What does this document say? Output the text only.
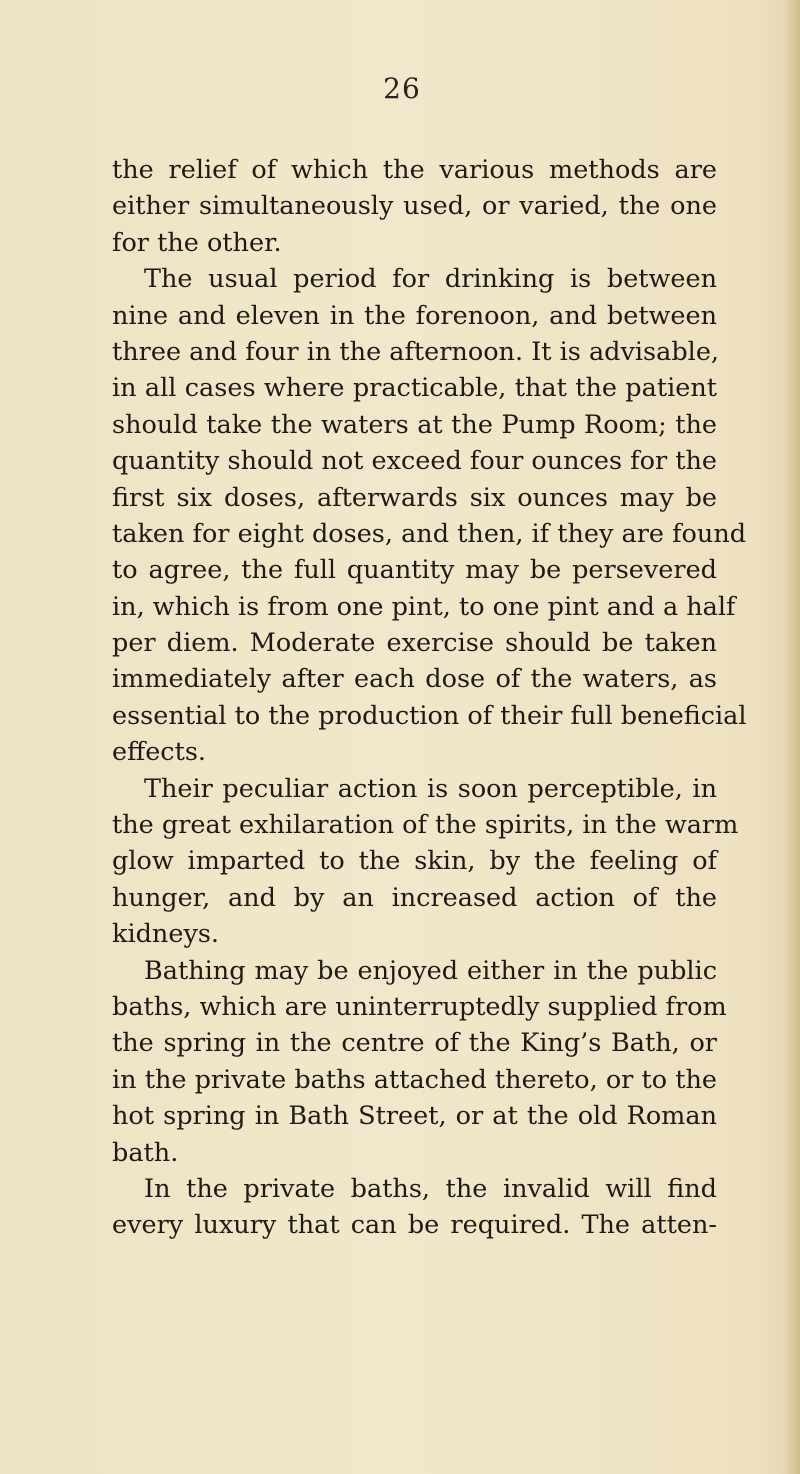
26
the relief of which the various methods are
either simultaneously used, or varied, the one
for the other.
The usual period for drinking is between
nine and eleven in the forenoon, and between
three and four in the afternoon. It is advisable,
in all cases where practicable, that the patient
should take the waters at the Pump Room; the
quantity should not exceed four ounces for the
first six doses, afterwards six ounces may be
taken for eight doses, and then, if they are found
to agree, the full quantity may be persevered
in, which is from one pint, to one pint and a half
per diem. Moderate exercise should be taken
immediately after each dose of the waters, as
essential to the production of their full beneficial
effects.
Their peculiar action is soon perceptible, in
the great exhilaration of the spirits, in the warm
glow imparted to the skin, by the feeling of
hunger, and by an increased action of the
kidneys.
Bathing may be enjoyed either in the public
baths, which are uninterruptedly supplied from
the spring in the centre of the King’s Bath, or
in the private baths attached thereto, or to the
hot spring in Bath Street, or at the old Roman
bath.
In the private baths, the invalid will find
every luxury that can be required. The atten-
